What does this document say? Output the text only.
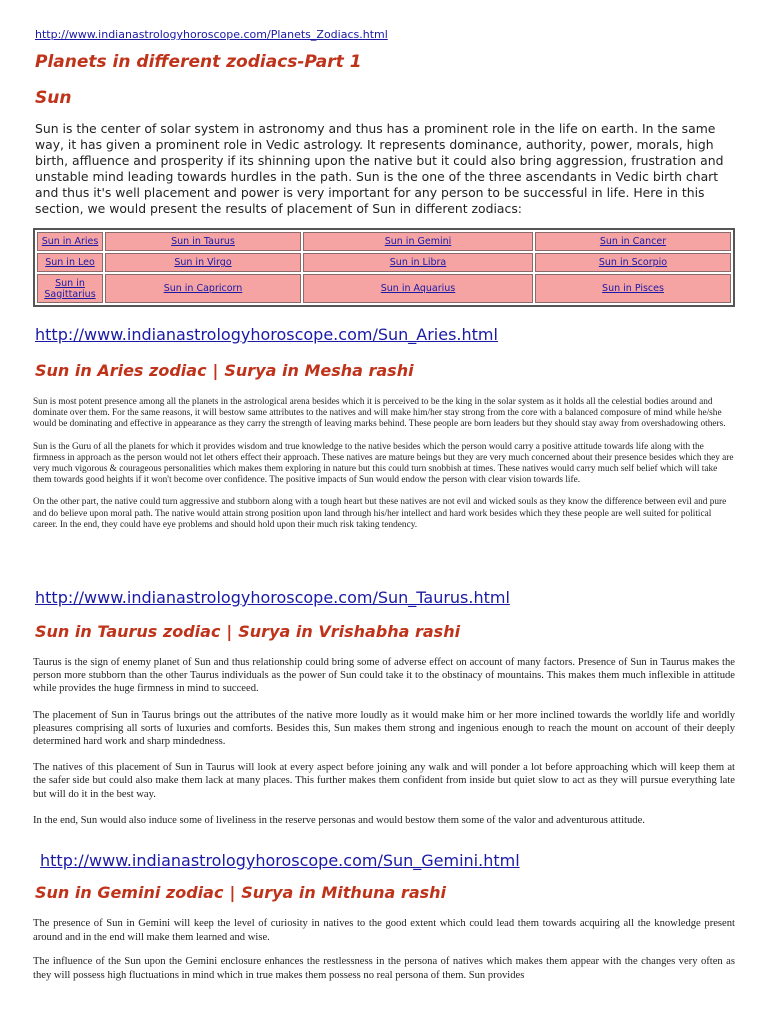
http://www.indianastrologyhoroscope.com/Planets_Zodiacs.html
Planets in different zodiacs-Part 1
Sun

Sun is the center of solar system in astronomy and thus has a prominent role in the life on earth. In the same way, it has given a prominent role in Vedic astrology. It represents dominance, authority, power, morals, high birth, affluence and prosperity if its shinning upon the native but it could also bring aggression, frustration and unstable mind leading towards hurdles in the path. Sun is the one of the three ascendants in Vedic birth chart and thus it's well placement and power is very important for any person to be successful in life. Here in this section, we would present the results of placement of Sun in different zodiacs:

Sun in Aries	Sun in Taurus	Sun in Gemini	Sun in Cancer
Sun in Leo	Sun in Virgo	Sun in Libra	Sun in Scorpio
Sun in Sagittarius	Sun in Capricorn	Sun in Aquarius	Sun in Pisces
http://www.indianastrologyhoroscope.com/Sun_Aries.html
Sun in Aries zodiac | Surya in Mesha rashi

Sun is most potent presence among all the planets in the astrological arena besides which it is perceived to be the king in the solar system as it holds all the celestial bodies around and dominate over them. For the same reasons, it will bestow same attributes to the natives and will make him/her stay strong from the core with a balanced composure of mind while he/she would be dominating and effective in appearance as they carry the strength of leaving marks behind. These people are born leaders but they should stay away from overshadowing others.

Sun is the Guru of all the planets for which it provides wisdom and true knowledge to the native besides which the person would carry a positive attitude towards life along with the firmness in approach as the person would not let others effect their approach. These natives are mature beings but they are very much concerned about their presence besides which they are very much vigorous & courageous personalities which makes them exploring in nature but this could turn snobbish at times. These natives would carry much self belief which will take them towards good heights if it won't become over confidence. The positive impacts of Sun would endow the person with clear vision towards life.

On the other part, the native could turn aggressive and stubborn along with a tough heart but these natives are not evil and wicked souls as they know the difference between evil and pure and do believe upon moral path. The native would attain strong position upon land through his/her intellect and hard work besides which they these people are well suited for political career. In the end, they could have eye problems and should hold upon their much risk taking tendency.

http://www.indianastrologyhoroscope.com/Sun_Taurus.html
Sun in Taurus zodiac | Surya in Vrishabha rashi

Taurus is the sign of enemy planet of Sun and thus relationship could bring some of adverse effect on account of many factors. Presence of Sun in Taurus makes the person more stubborn than the other Taurus individuals as the power of Sun could take it to the obstinacy of mountains. This makes them much inflexible in attitude while provides the huge firmness in mind to succeed.

The placement of Sun in Taurus brings out the attributes of the native more loudly as it would make him or her more inclined towards the worldly life and worldly pleasures comprising all sorts of luxuries and comforts. Besides this, Sun makes them strong and ingenious enough to reach the mount on account of their deeply determined hard work and sharp mindedness.

The natives of this placement of Sun in Taurus will look at every aspect before joining any walk and will ponder a lot before approaching which will keep them at the safer side but could also make them lack at many places. This further makes them confident from inside but quiet slow to act as they will pursue everything late but will do it in the best way.

In the end, Sun would also induce some of liveliness in the reserve personas and would bestow them some of the valor and adventurous attitude.

http://www.indianastrologyhoroscope.com/Sun_Gemini.html
Sun in Gemini zodiac | Surya in Mithuna rashi

The presence of Sun in Gemini will keep the level of curiosity in natives to the good extent which could lead them towards acquiring all the knowledge present around and in the end will make them learned and wise.

The influence of the Sun upon the Gemini enclosure enhances the restlessness in the persona of natives which makes them appear with the changes very often as they will possess high fluctuations in mind which in true makes them possess no real persona of them. Sun provides
